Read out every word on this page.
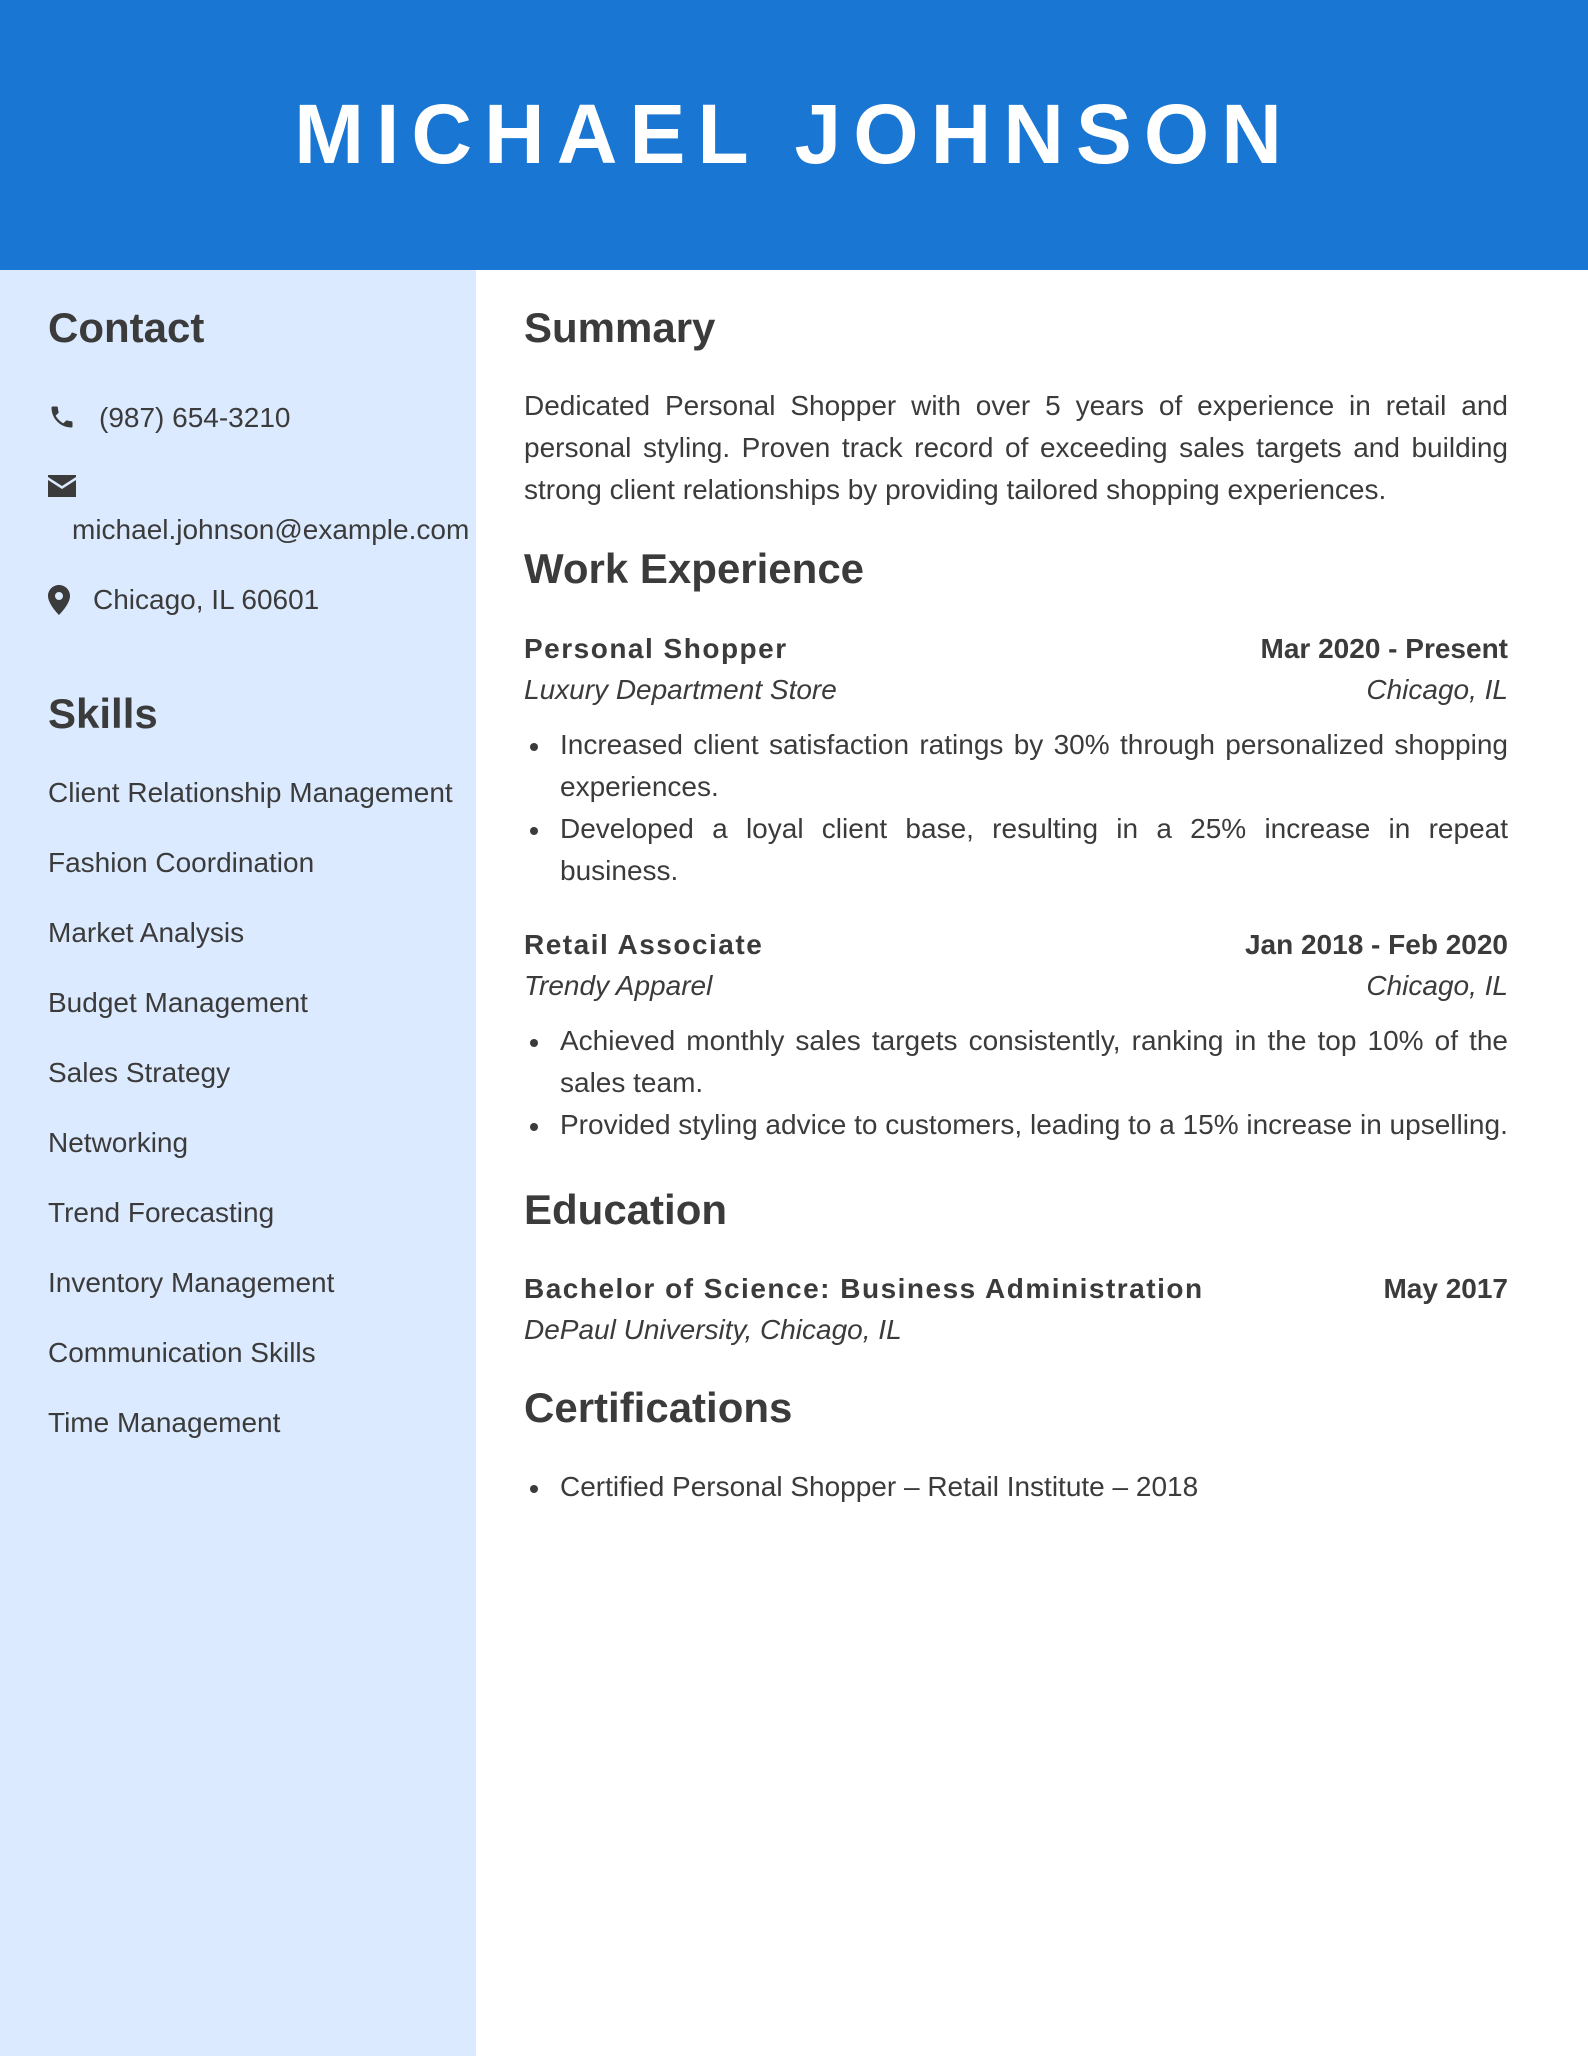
MICHAEL JOHNSON
Contact
(987) 654-3210
michael.johnson@example.com
Chicago, IL 60601
Skills
Client Relationship Management
Fashion Coordination
Market Analysis
Budget Management
Sales Strategy
Networking
Trend Forecasting
Inventory Management
Communication Skills
Time Management
Summary
Dedicated Personal Shopper with over 5 years of experience in retail and personal styling. Proven track record of exceeding sales targets and building strong client relationships by providing tailored shopping experiences.
Work Experience
Personal Shopper	Mar 2020 - Present
Luxury Department Store	Chicago, IL
Increased client satisfaction ratings by 30% through personalized shopping experiences.
Developed a loyal client base, resulting in a 25% increase in repeat business.
Retail Associate	Jan 2018 - Feb 2020
Trendy Apparel	Chicago, IL
Achieved monthly sales targets consistently, ranking in the top 10% of the sales team.
Provided styling advice to customers, leading to a 15% increase in upselling.
Education
Bachelor of Science: Business Administration	May 2017
DePaul University, Chicago, IL
Certifications
Certified Personal Shopper – Retail Institute – 2018
